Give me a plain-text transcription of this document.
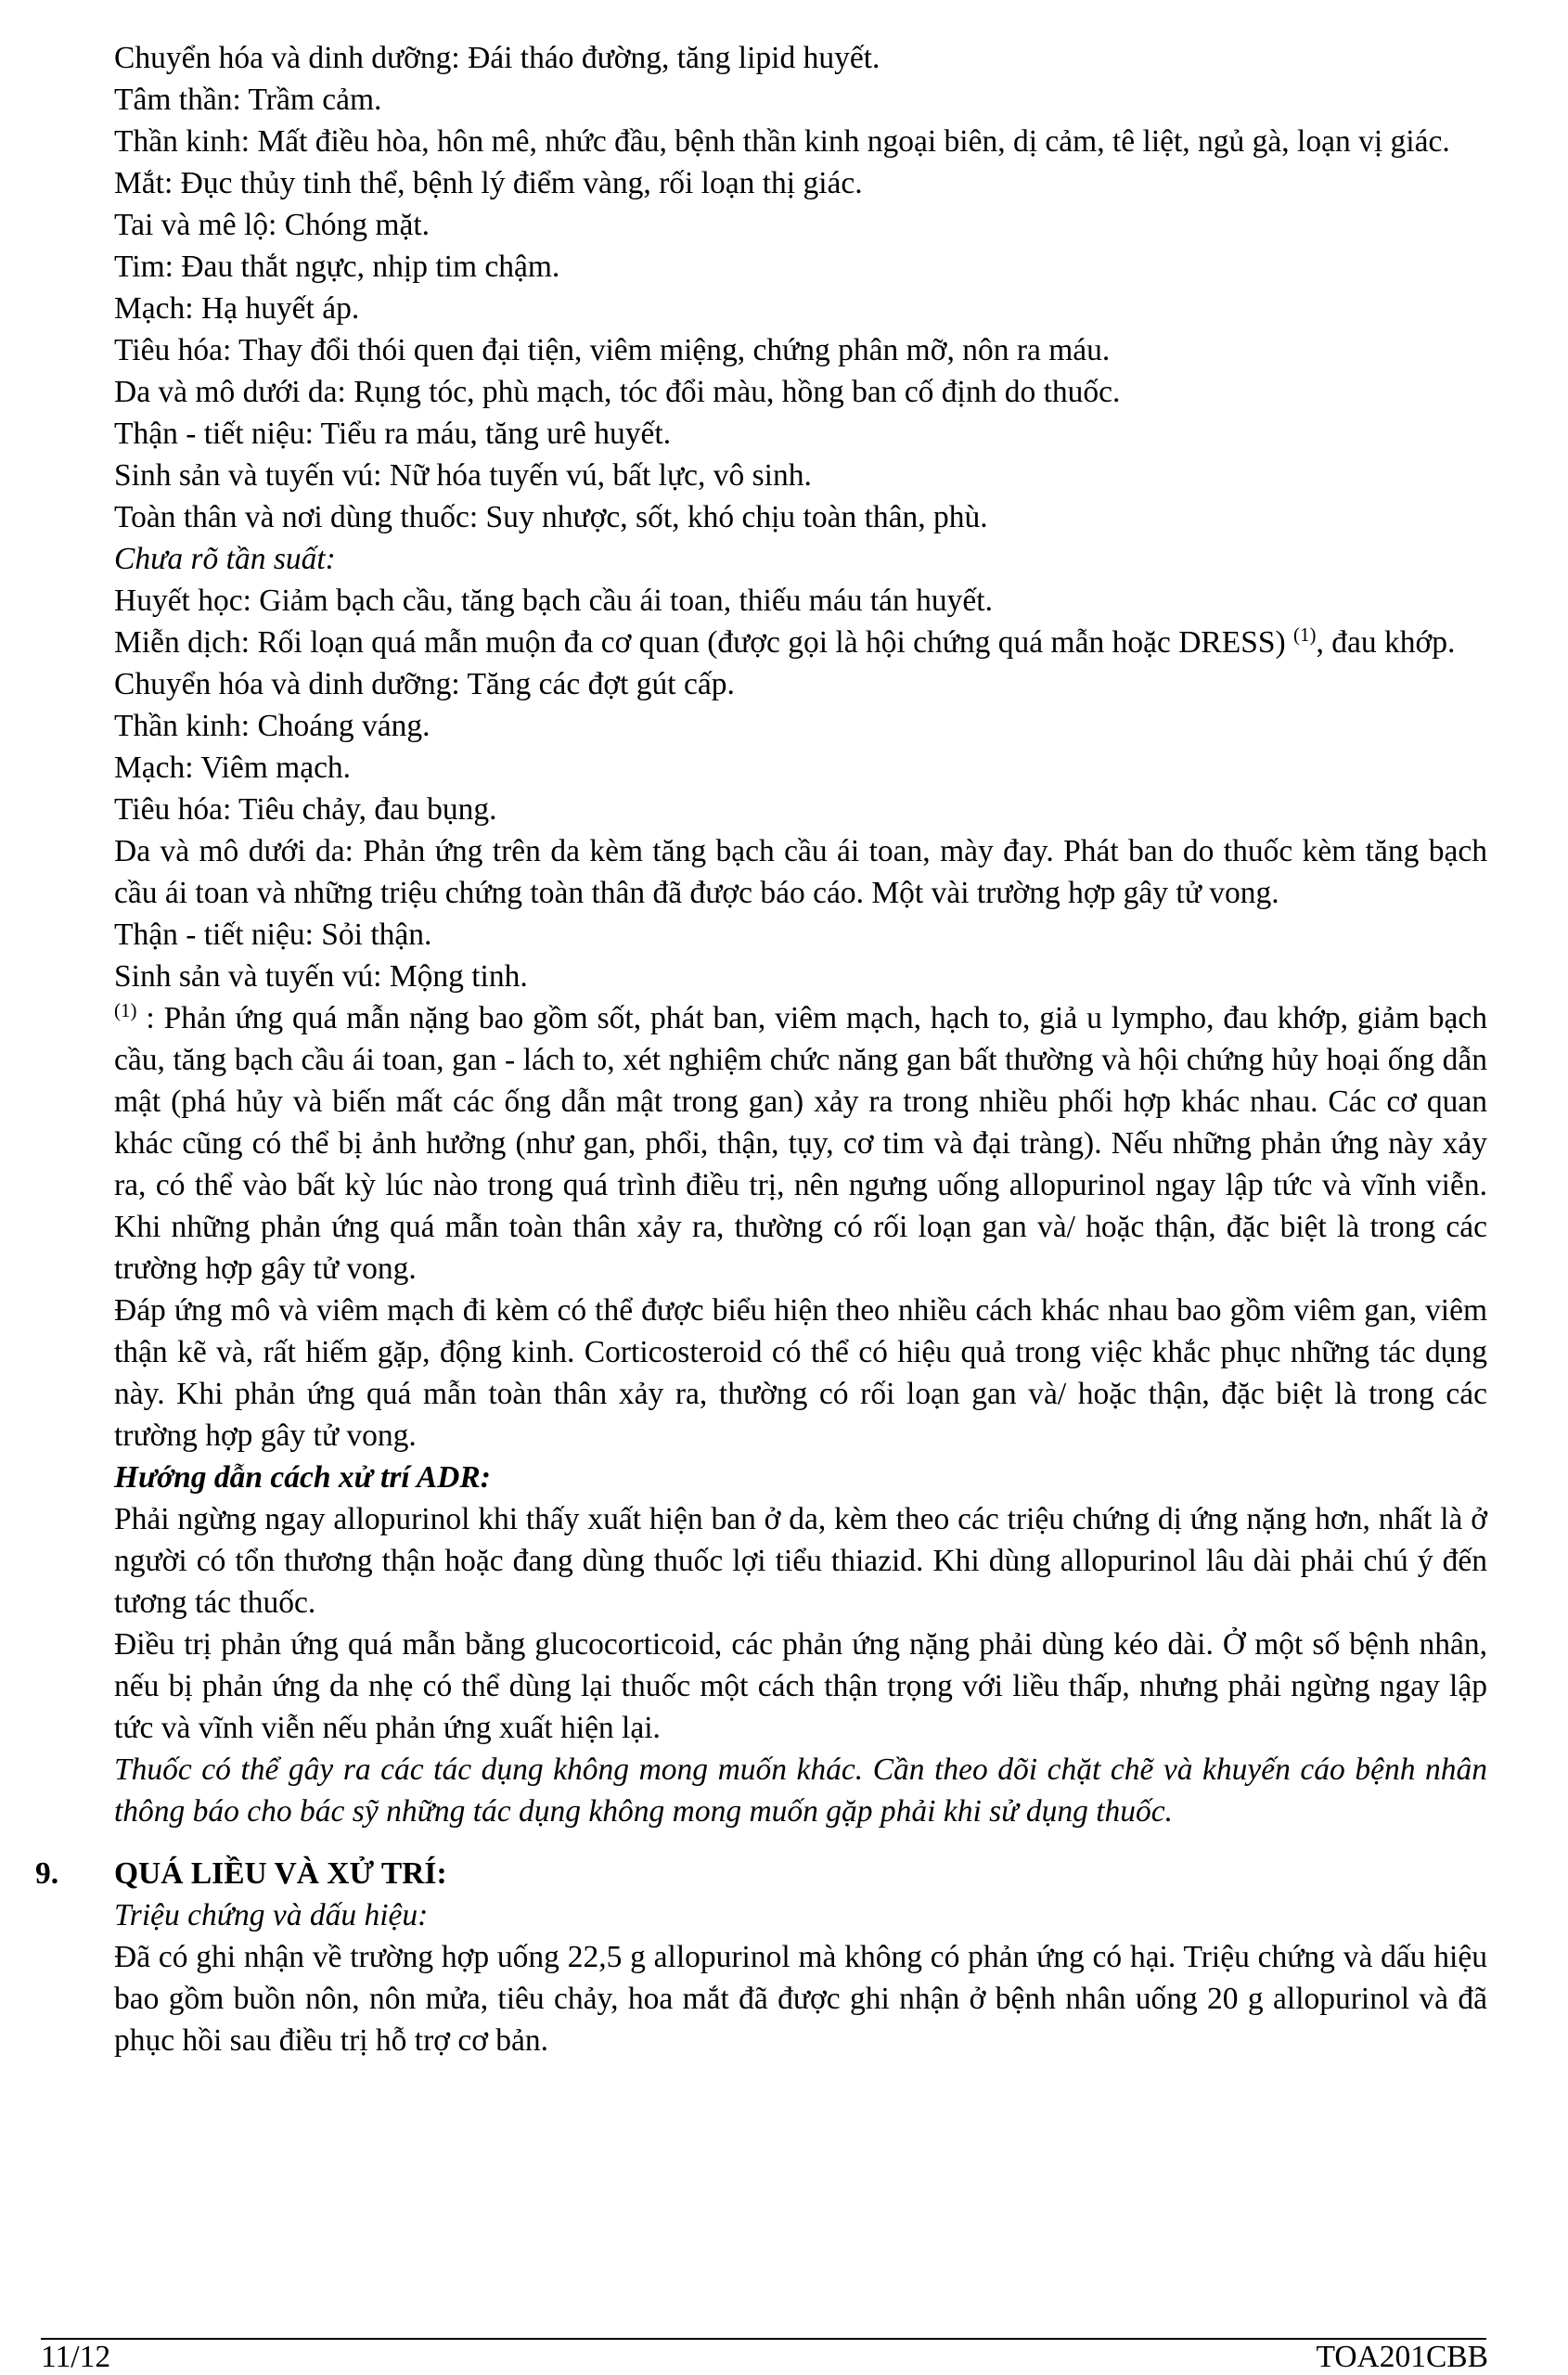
Chuyển hóa và dinh dưỡng: Đái tháo đường, tăng lipid huyết.
Tâm thần: Trầm cảm.
Thần kinh: Mất điều hòa, hôn mê, nhức đầu, bệnh thần kinh ngoại biên, dị cảm, tê liệt, ngủ gà, loạn vị giác.
Mắt: Đục thủy tinh thể, bệnh lý điểm vàng, rối loạn thị giác.
Tai và mê lộ: Chóng mặt.
Tim: Đau thắt ngực, nhịp tim chậm.
Mạch: Hạ huyết áp.
Tiêu hóa: Thay đổi thói quen đại tiện, viêm miệng, chứng phân mỡ, nôn ra máu.
Da và mô dưới da: Rụng tóc, phù mạch, tóc đổi màu, hồng ban cố định do thuốc.
Thận - tiết niệu: Tiểu ra máu, tăng urê huyết.
Sinh sản và tuyến vú: Nữ hóa tuyến vú, bất lực, vô sinh.
Toàn thân và nơi dùng thuốc: Suy nhược, sốt, khó chịu toàn thân, phù.
Chưa rõ tần suất:
Huyết học: Giảm bạch cầu, tăng bạch cầu ái toan, thiếu máu tán huyết.
Miễn dịch: Rối loạn quá mẫn muộn đa cơ quan (được gọi là hội chứng quá mẫn hoặc DRESS) $^{(1)}$, đau khớp.
Chuyển hóa và dinh dưỡng: Tăng các đợt gút cấp.
Thần kinh: Choáng váng.
Mạch: Viêm mạch.
Tiêu hóa: Tiêu chảy, đau bụng.
Da và mô dưới da: Phản ứng trên da kèm tăng bạch cầu ái toan, mày đay. Phát ban do thuốc kèm tăng bạch cầu ái toan và những triệu chứng toàn thân đã được báo cáo. Một vài trường hợp gây tử vong.
Thận - tiết niệu: Sỏi thận.
Sinh sản và tuyến vú: Mộng tinh.
$^{(1)}$ : Phản ứng quá mẫn nặng bao gồm sốt, phát ban, viêm mạch, hạch to, giả u lympho, đau khớp, giảm bạch cầu, tăng bạch cầu ái toan, gan - lách to, xét nghiệm chức năng gan bất thường và hội chứng hủy hoại ống dẫn mật (phá hủy và biến mất các ống dẫn mật trong gan) xảy ra trong nhiều phối hợp khác nhau. Các cơ quan khác cũng có thể bị ảnh hưởng (như gan, phổi, thận, tụy, cơ tim và đại tràng). Nếu những phản ứng này xảy ra, có thể vào bất kỳ lúc nào trong quá trình điều trị, nên ngưng uống allopurinol ngay lập tức và vĩnh viễn. Khi những phản ứng quá mẫn toàn thân xảy ra, thường có rối loạn gan và/ hoặc thận, đặc biệt là trong các trường hợp gây tử vong.
Đáp ứng mô và viêm mạch đi kèm có thể được biểu hiện theo nhiều cách khác nhau bao gồm viêm gan, viêm thận kẽ và, rất hiếm gặp, động kinh. Corticosteroid có thể có hiệu quả trong việc khắc phục những tác dụng này. Khi phản ứng quá mẫn toàn thân xảy ra, thường có rối loạn gan và/ hoặc thận, đặc biệt là trong các trường hợp gây tử vong.
Hướng dẫn cách xử trí ADR:
Phải ngừng ngay allopurinol khi thấy xuất hiện ban ở da, kèm theo các triệu chứng dị ứng nặng hơn, nhất là ở người có tổn thương thận hoặc đang dùng thuốc lợi tiểu thiazid. Khi dùng allopurinol lâu dài phải chú ý đến tương tác thuốc.
Điều trị phản ứng quá mẫn bằng glucocorticoid, các phản ứng nặng phải dùng kéo dài. Ở một số bệnh nhân, nếu bị phản ứng da nhẹ có thể dùng lại thuốc một cách thận trọng với liều thấp, nhưng phải ngừng ngay lập tức và vĩnh viễn nếu phản ứng xuất hiện lại.
Thuốc có thể gây ra các tác dụng không mong muốn khác. Cần theo dõi chặt chẽ và khuyến cáo bệnh nhân thông báo cho bác sỹ những tác dụng không mong muốn gặp phải khi sử dụng thuốc.
9. QUÁ LIỀU VÀ XỬ TRÍ:
Triệu chứng và dấu hiệu:
Đã có ghi nhận về trường hợp uống 22,5 g allopurinol mà không có phản ứng có hại. Triệu chứng và dấu hiệu bao gồm buồn nôn, nôn mửa, tiêu chảy, hoa mắt đã được ghi nhận ở bệnh nhân uống 20 g allopurinol và đã phục hồi sau điều trị hỗ trợ cơ bản.
11/12	TOA201CBB
